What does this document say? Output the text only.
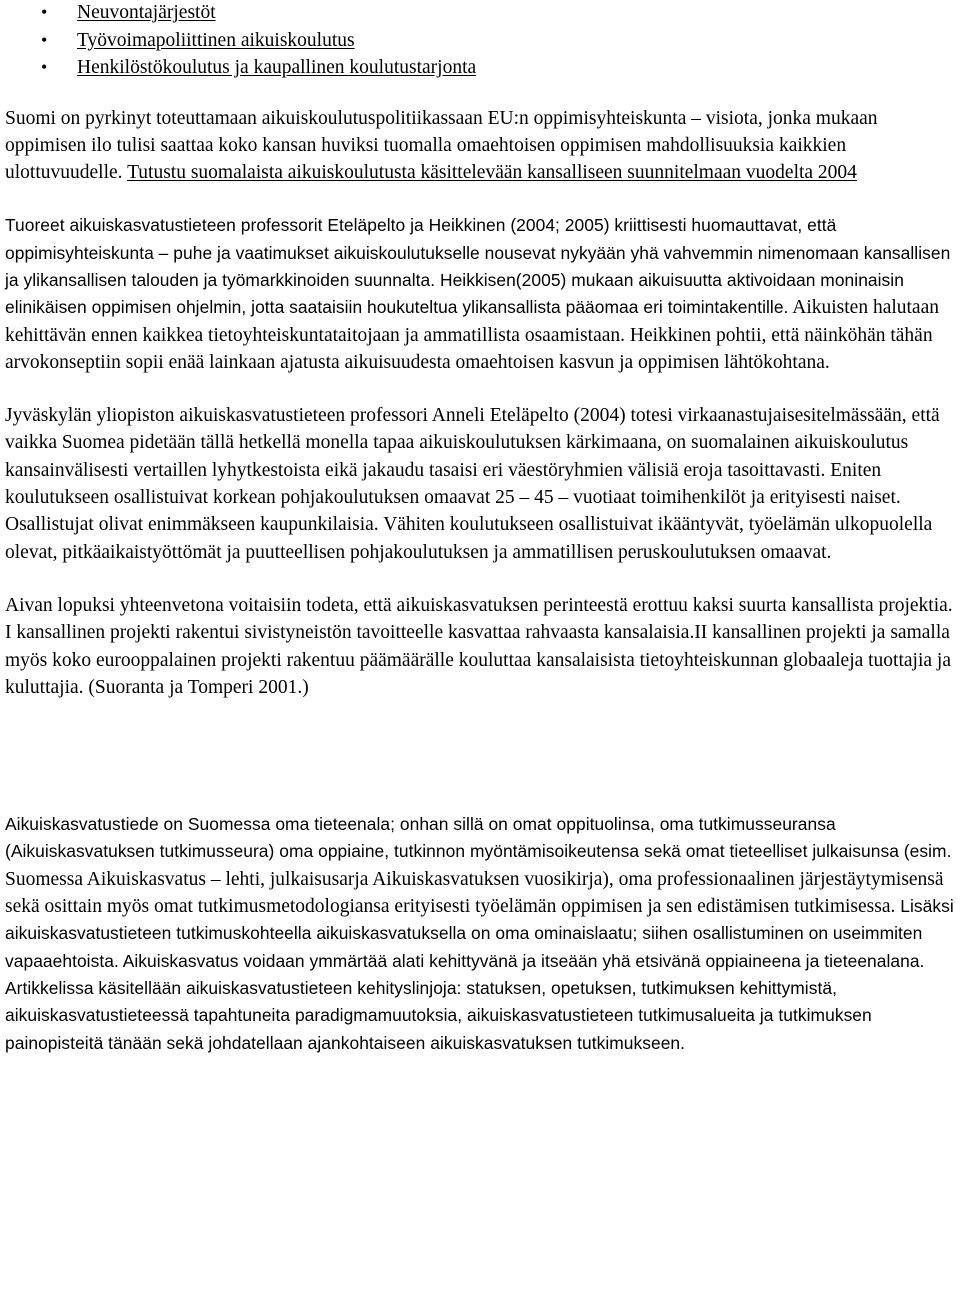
• Neuvontajärjestöt
• Työvoimapoliittinen aikuiskoulutus
• Henkilöstökoulutus ja kaupallinen koulutustarjonta

Suomi on pyrkinyt toteuttamaan aikuiskoulutuspolitiikassaan EU:n oppimisyhteiskunta – visiota, jonka mukaan oppimisen ilo tulisi saattaa koko kansan huviksi tuomalla omaehtoisen oppimisen mahdollisuuksia kaikkien ulottuvuudelle. Tutustu suomalaista aikuiskoulutusta käsittelevään kansalliseen suunnitelmaan vuodelta 2004

Tuoreet aikuiskasvatustieteen professorit Eteläpelto ja Heikkinen (2004; 2005) kriittisesti huomauttavat, että oppimisyhteiskunta – puhe ja vaatimukset aikuiskoulutukselle nousevat nykyään yhä vahvemmin nimenomaan kansallisen ja ylikansallisen talouden ja työmarkkinoiden suunnalta. Heikkisen(2005) mukaan aikuisuutta aktivoidaan moninaisin elinikäisen oppimisen ohjelmin, jotta saataisiin houkuteltua ylikansallista pääomaa eri toimintakentille. Aikuisten halutaan kehittävän ennen kaikkea tietoyhteiskuntataitojaan ja ammatillista osaamistaan. Heikkinen pohtii, että näinköhän tähän arvokonseptiin sopii enää lainkaan ajatusta aikuisuudesta omaehtoisen kasvun ja oppimisen lähtökohtana.

Jyväskylän yliopiston aikuiskasvatustieteen professori Anneli Eteläpelto (2004) totesi virkaanastujaisesitelmässään, että vaikka Suomea pidetään tällä hetkellä monella tapaa aikuiskoulutuksen kärkimaana, on suomalainen aikuiskoulutus kansainvälisesti vertaillen lyhytkestoista eikä jakaudu tasaisi eri väestöryhmien välisiä eroja tasoittavasti. Eniten koulutukseen osallistuivat korkean pohjakoulutuksen omaavat 25 – 45 – vuotiaat toimihenkilöt ja erityisesti naiset. Osallistujat olivat enimmäkseen kaupunkilaisia. Vähiten koulutukseen osallistuivat ikääntyvät, työelämän ulkopuolella olevat, pitkäaikaistyöttömät ja puutteellisen pohjakoulutuksen ja ammatillisen peruskoulutuksen omaavat.

Aivan lopuksi yhteenvetona voitaisiin todeta, että aikuiskasvatuksen perinteestä erottuu kaksi suurta kansallista projektia. I kansallinen projekti rakentui sivistyneistön tavoitteelle kasvattaa rahvaasta kansalaisia.II kansallinen projekti ja samalla myös koko eurooppalainen projekti rakentuu päämäärälle kouluttaa kansalaisista tietoyhteiskunnan globaaleja tuottajia ja kuluttajia. (Suoranta ja Tomperi 2001.)

Aikuiskasvatustiede on Suomessa oma tieteenala; onhan sillä on omat oppituolinsa, oma tutkimusseuransa (Aikuiskasvatuksen tutkimusseura) oma oppiaine, tutkinnon myöntämisoikeutensa sekä omat tieteelliset julkaisunsa (esim. Suomessa Aikuiskasvatus – lehti, julkaisusarja Aikuiskasvatuksen vuosikirja), oma professionaalinen järjestäytymisensä sekä osittain myös omat tutkimusmetodologiansa erityisesti työelämän oppimisen ja sen edistämisen tutkimisessa. Lisäksi aikuiskasvatustieteen tutkimuskohteella aikuiskasvatuksella on oma ominaislaatu; siihen osallistuminen on useimmiten vapaaehtoista. Aikuiskasvatus voidaan ymmärtää alati kehittyvänä ja itseään yhä etsivänä oppiaineena ja tieteenalana. Artikkelissa käsitellään aikuiskasvatustieteen kehityslinjoja: statuksen, opetuksen, tutkimuksen kehittymistä, aikuiskasvatustieteessä tapahtuneita paradigmamuutoksia, aikuiskasvatustieteen tutkimusalueita ja tutkimuksen painopisteitä tänään sekä johdatellaan ajankohtaiseen aikuiskasvatuksen tutkimukseen.
